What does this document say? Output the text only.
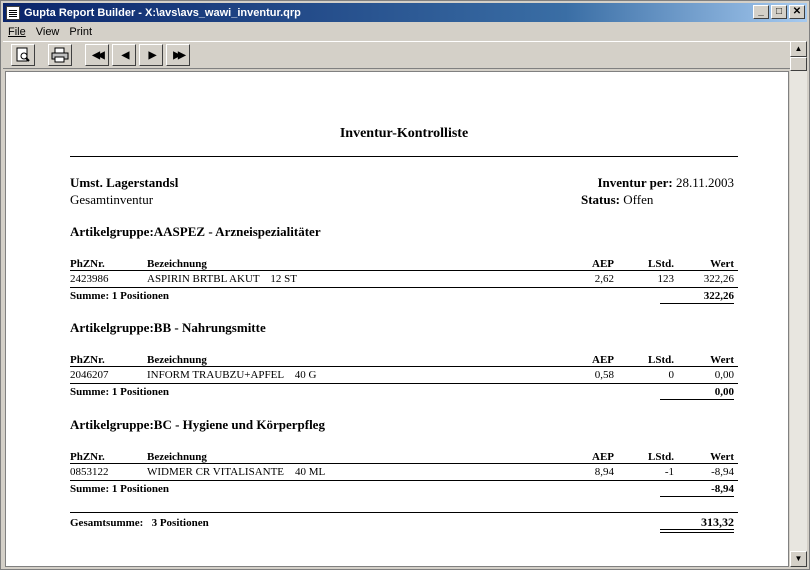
Gupta Report Builder - X:\avs\avs_wawi_inventur.qrp	_	□	✕
File View Print
◀◀ ◀ ▶ ▶▶
▲
▼
Inventur-Kontrolliste
Umst. Lagerstandsl
Gesamtinventur
Inventur per: 28.11.2003
Status: Offen
Artikelgruppe:AASPEZ - Arzneispezialitäter
PhZNr.	Bezeichnung	AEP	LStd.	Wert
2423986	ASPIRIN BRTBL AKUT    12 ST	2,62	123	322,26
Summe: 1 Positionen	322,26
Artikelgruppe:BB - Nahrungsmitte
PhZNr.	Bezeichnung	AEP	LStd.	Wert
2046207	INFORM TRAUBZU+APFEL    40 G	0,58	0	0,00
Summe: 1 Positionen	0,00
Artikelgruppe:BC - Hygiene und Körperpfleg
PhZNr.	Bezeichnung	AEP	LStd.	Wert
0853122	WIDMER CR VITALISANTE    40 ML	8,94	-1	-8,94
Summe: 1 Positionen	-8,94
Gesamtsumme:   3 Positionen	313,32
